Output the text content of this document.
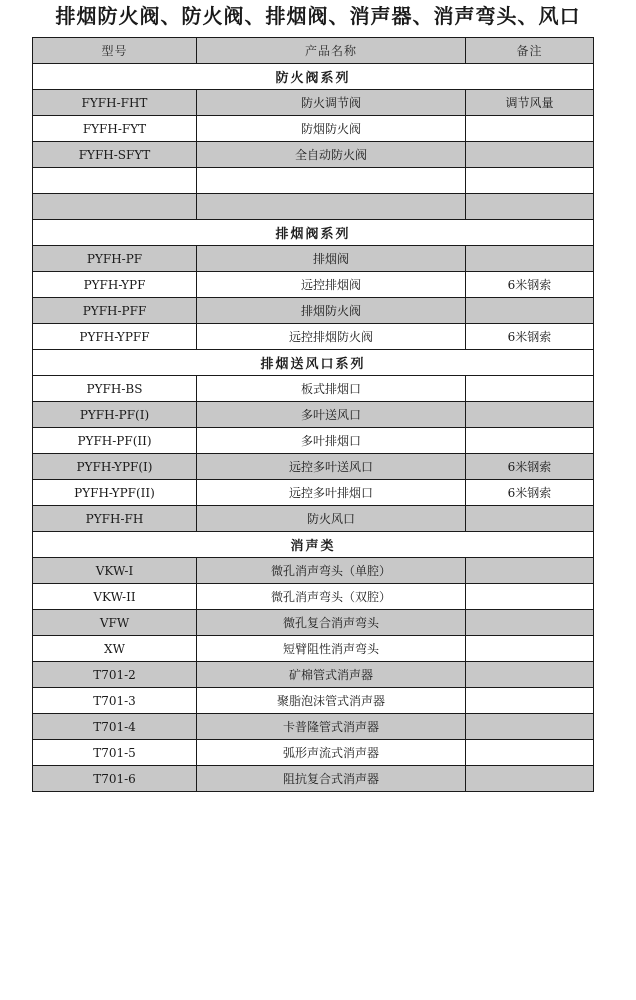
排烟防火阀、防火阀、排烟阀、消声器、消声弯头、风口
型号	产品名称	备注
防火阀系列		
FYFH-FHT	防火调节阀	调节风量
FYFH-FYT	防烟防火阀	
FYFH-SFYT	全自动防火阀	

排烟阀系列		
PYFH-PF	排烟阀	
PYFH-YPF	远控排烟阀	6米钢索
PYFH-PFF	排烟防火阀	
PYFH-YPFF	远控排烟防火阀	6米钢索
排烟送风口系列		
PYFH-BS	板式排烟口	
PYFH-PF(I)	多叶送风口	
PYFH-PF(II)	多叶排烟口	
PYFH-YPF(I)	远控多叶送风口	6米钢索
PYFH-YPF(II)	远控多叶排烟口	6米钢索
PYFH-FH	防火风口	
消声类		
VKW-I	微孔消声弯头（单腔）	
VKW-II	微孔消声弯头（双腔）	
VFW	微孔复合消声弯头	
XW	短臂阻性消声弯头	
T701-2	矿棉管式消声器	
T701-3	聚脂泡沫管式消声器	
T701-4	卡普隆管式消声器	
T701-5	弧形声流式消声器	
T701-6	阻抗复合式消声器	
